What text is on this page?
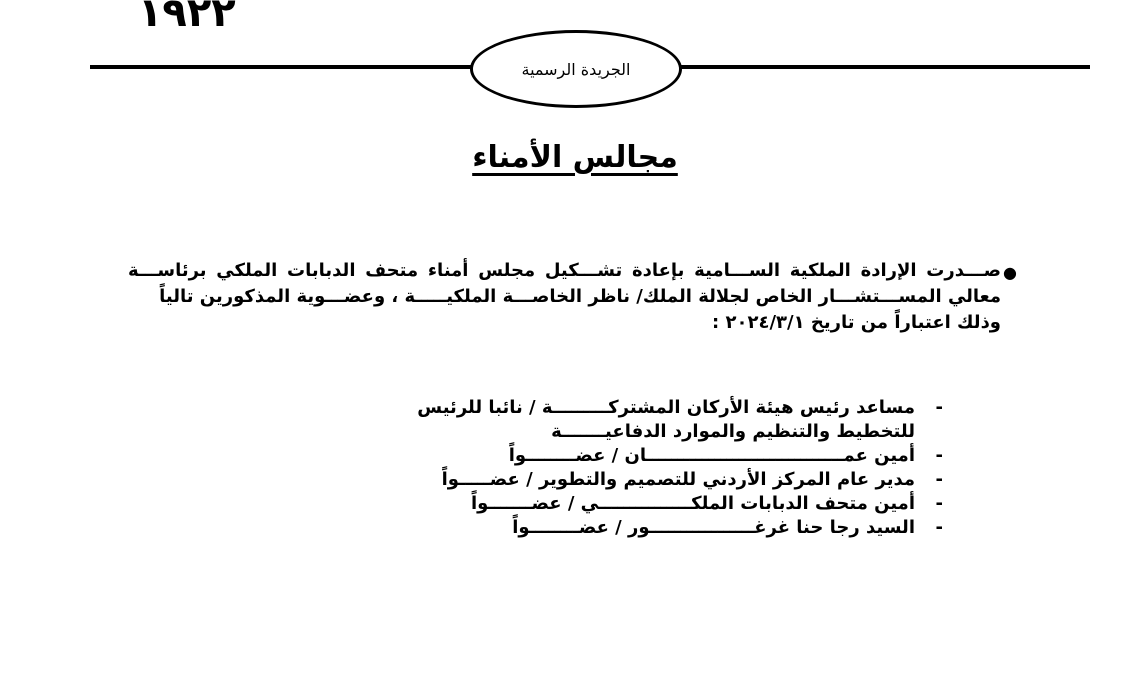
١٩٢٢
الجريدة الرسمية
مجالس الأمناء
●
صـــدرت الإرادة الملكية الســـامية بإعادة تشـــكيل مجلس أمناء متحف الدبابات الملكي برئاســـة
معالي المســـتشـــار الخاص لجلالة الملك/ ناظر الخاصـــة الملكيـــــة ، وعضـــوية المذكورين تالياً
وذلك اعتباراً من تاريخ ٢٠٢٤/٣/١ :
-
مساعد رئيس هيئة الأركان المشتركـــــــــة / نائبا للرئيس
للتخطيط والتنظيم والموارد الدفاعيـــــــة
-
أمين عمــــــــــــــــــــــــــــــــان / عضــــــــواً
-
مدير عام المركز الأردني للتصميم والتطوير / عضـــــواً
-
أمين متحف الدبابات الملكـــــــــــــــي / عضـــــــواً
-
السيد رجا حنا غرغـــــــــــــــــور / عضــــــــواً
